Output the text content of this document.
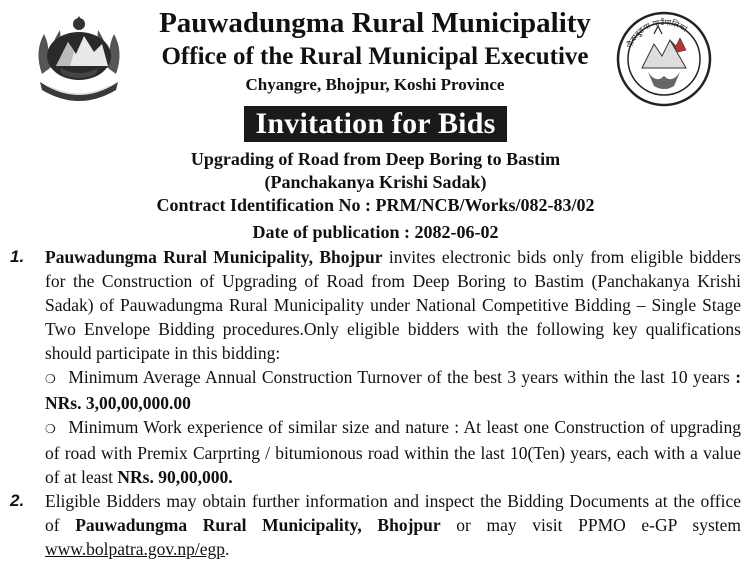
Pauwadungma Rural Municipality
Office of the Rural Municipal Executive
Chyangre, Bhojpur, Koshi Province
पौवादुङमा गाउँपालिका
Invitation for Bids
Upgrading of Road from Deep Boring to Bastim
(Panchakanya Krishi Sadak)
Contract Identification No : PRM/NCB/Works/082-83/02
Date of publication : 2082-06-02
1. Pauwadungma Rural Municipality, Bhojpur invites electronic bids only from eligible bidders for the Construction of Upgrading of Road from Deep Boring to Bastim (Panchakanya Krishi Sadak) of Pauwadungma Rural Municipality under National Competitive Bidding – Single Stage Two Envelope Bidding procedures.Only eligible bidders with the following key qualifications should participate in this bidding:
❍ Minimum Average Annual Construction Turnover of the best 3 years within the last 10 years : NRs. 3,00,00,000.00
❍ Minimum Work experience of similar size and nature : At least one Construction of upgrading of road with Premix Carprting / bitumionous road within the last 10(Ten) years, each with a value of at least NRs. 90,00,000.
2. Eligible Bidders may obtain further information and inspect the Bidding Documents at the office of Pauwadungma Rural Municipality, Bhojpur or may visit PPMO e-GP system www.bolpatra.gov.np/egp.
